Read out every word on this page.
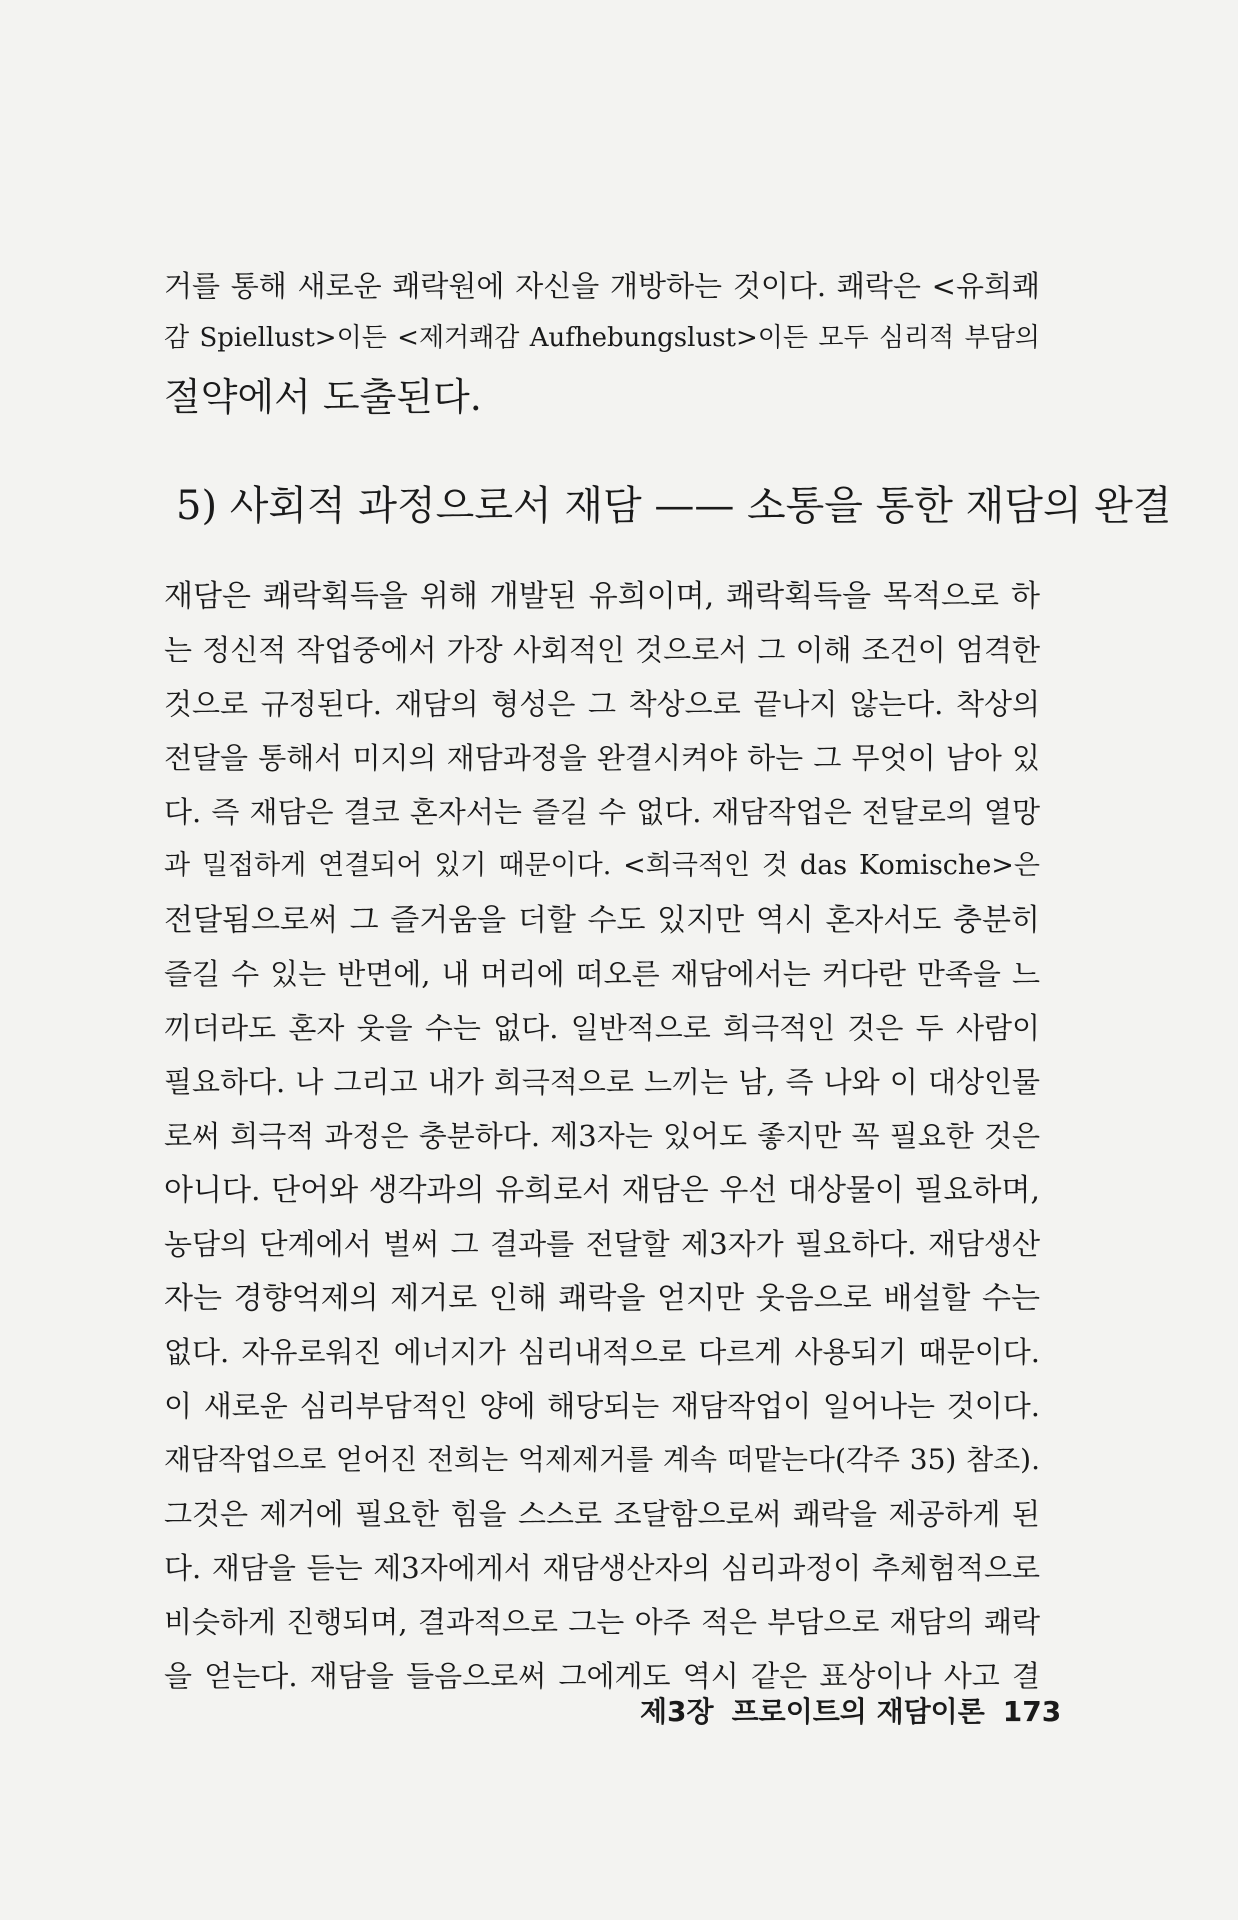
거를 통해 새로운 쾌락원에 자신을 개방하는 것이다. 쾌락은 <유희쾌
감 Spiellust>이든 <제거쾌감 Aufhebungslust>이든 모두 심리적 부담의
절약에서 도출된다.
5) 사회적 과정으로서 재담 —— 소통을 통한 재담의 완결
재담은 쾌락획득을 위해 개발된 유희이며, 쾌락획득을 목적으로 하
는 정신적 작업중에서 가장 사회적인 것으로서 그 이해 조건이 엄격한
것으로 규정된다. 재담의 형성은 그 착상으로 끝나지 않는다. 착상의
전달을 통해서 미지의 재담과정을 완결시켜야 하는 그 무엇이 남아 있
다. 즉 재담은 결코 혼자서는 즐길 수 없다. 재담작업은 전달로의 열망
과 밀접하게 연결되어 있기 때문이다. <희극적인 것 das Komische>은
전달됨으로써 그 즐거움을 더할 수도 있지만 역시 혼자서도 충분히
즐길 수 있는 반면에, 내 머리에 떠오른 재담에서는 커다란 만족을 느
끼더라도 혼자 웃을 수는 없다. 일반적으로 희극적인 것은 두 사람이
필요하다. 나 그리고 내가 희극적으로 느끼는 남, 즉 나와 이 대상인물
로써 희극적 과정은 충분하다. 제3자는 있어도 좋지만 꼭 필요한 것은
아니다. 단어와 생각과의 유희로서 재담은 우선 대상물이 필요하며,
농담의 단계에서 벌써 그 결과를 전달할 제3자가 필요하다. 재담생산
자는 경향억제의 제거로 인해 쾌락을 얻지만 웃음으로 배설할 수는
없다. 자유로워진 에너지가 심리내적으로 다르게 사용되기 때문이다.
이 새로운 심리부담적인 양에 해당되는 재담작업이 일어나는 것이다.
재담작업으로 얻어진 전희는 억제제거를 계속 떠맡는다(각주 35) 참조).
그것은 제거에 필요한 힘을 스스로 조달함으로써 쾌락을 제공하게 된
다. 재담을 듣는 제3자에게서 재담생산자의 심리과정이 추체험적으로
비슷하게 진행되며, 결과적으로 그는 아주 적은 부담으로 재담의 쾌락
을 얻는다. 재담을 들음으로써 그에게도 역시 같은 표상이나 사고 결
제3장 프로이트의 재담이론 173
